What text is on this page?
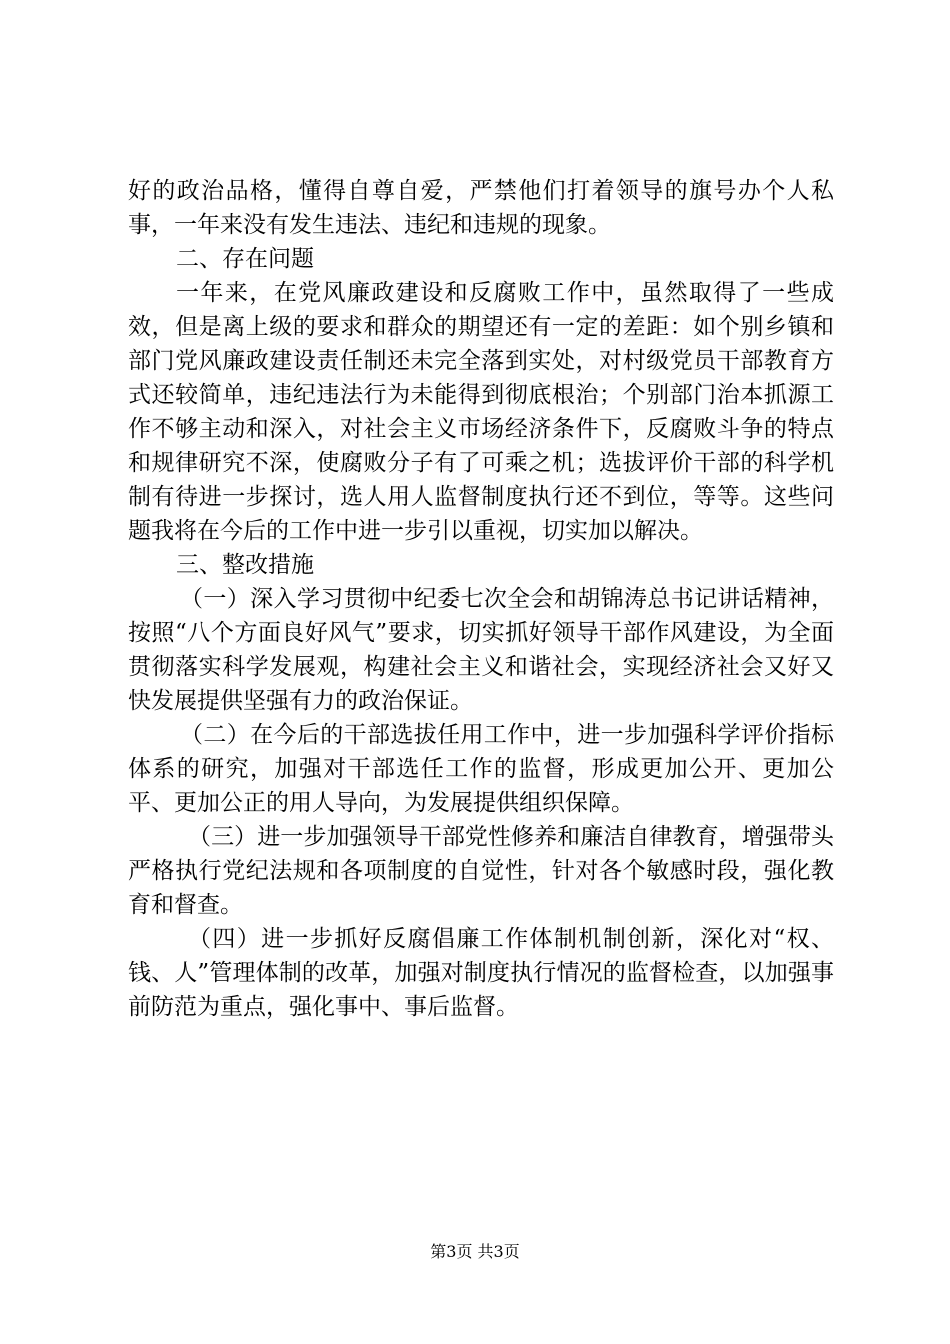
好的政治品格，懂得自尊自爱，严禁他们打着领导的旗号办个人私事，一年来没有发生违法、违纪和违规的现象。

二、存在问题

一年来，在党风廉政建设和反腐败工作中，虽然取得了一些成效，但是离上级的要求和群众的期望还有一定的差距：如个别乡镇和部门党风廉政建设责任制还未完全落到实处，对村级党员干部教育方式还较简单，违纪违法行为未能得到彻底根治；个别部门治本抓源工作不够主动和深入，对社会主义市场经济条件下，反腐败斗争的特点和规律研究不深，使腐败分子有了可乘之机；选拔评价干部的科学机制有待进一步探讨，选人用人监督制度执行还不到位，等等。这些问题我将在今后的工作中进一步引以重视，切实加以解决。

三、整改措施

（一）深入学习贯彻中纪委七次全会和胡锦涛总书记讲话精神，按照“八个方面良好风气”要求，切实抓好领导干部作风建设，为全面贯彻落实科学发展观，构建社会主义和谐社会，实现经济社会又好又快发展提供坚强有力的政治保证。

（二）在今后的干部选拔任用工作中，进一步加强科学评价指标体系的研究，加强对干部选任工作的监督，形成更加公开、更加公平、更加公正的用人导向，为发展提供组织保障。

（三）进一步加强领导干部党性修养和廉洁自律教育，增强带头严格执行党纪法规和各项制度的自觉性，针对各个敏感时段，强化教育和督查。

（四）进一步抓好反腐倡廉工作体制机制创新，深化对“权、钱、人”管理体制的改革，加强对制度执行情况的监督检查，以加强事前防范为重点，强化事中、事后监督。

第3页 共3页
